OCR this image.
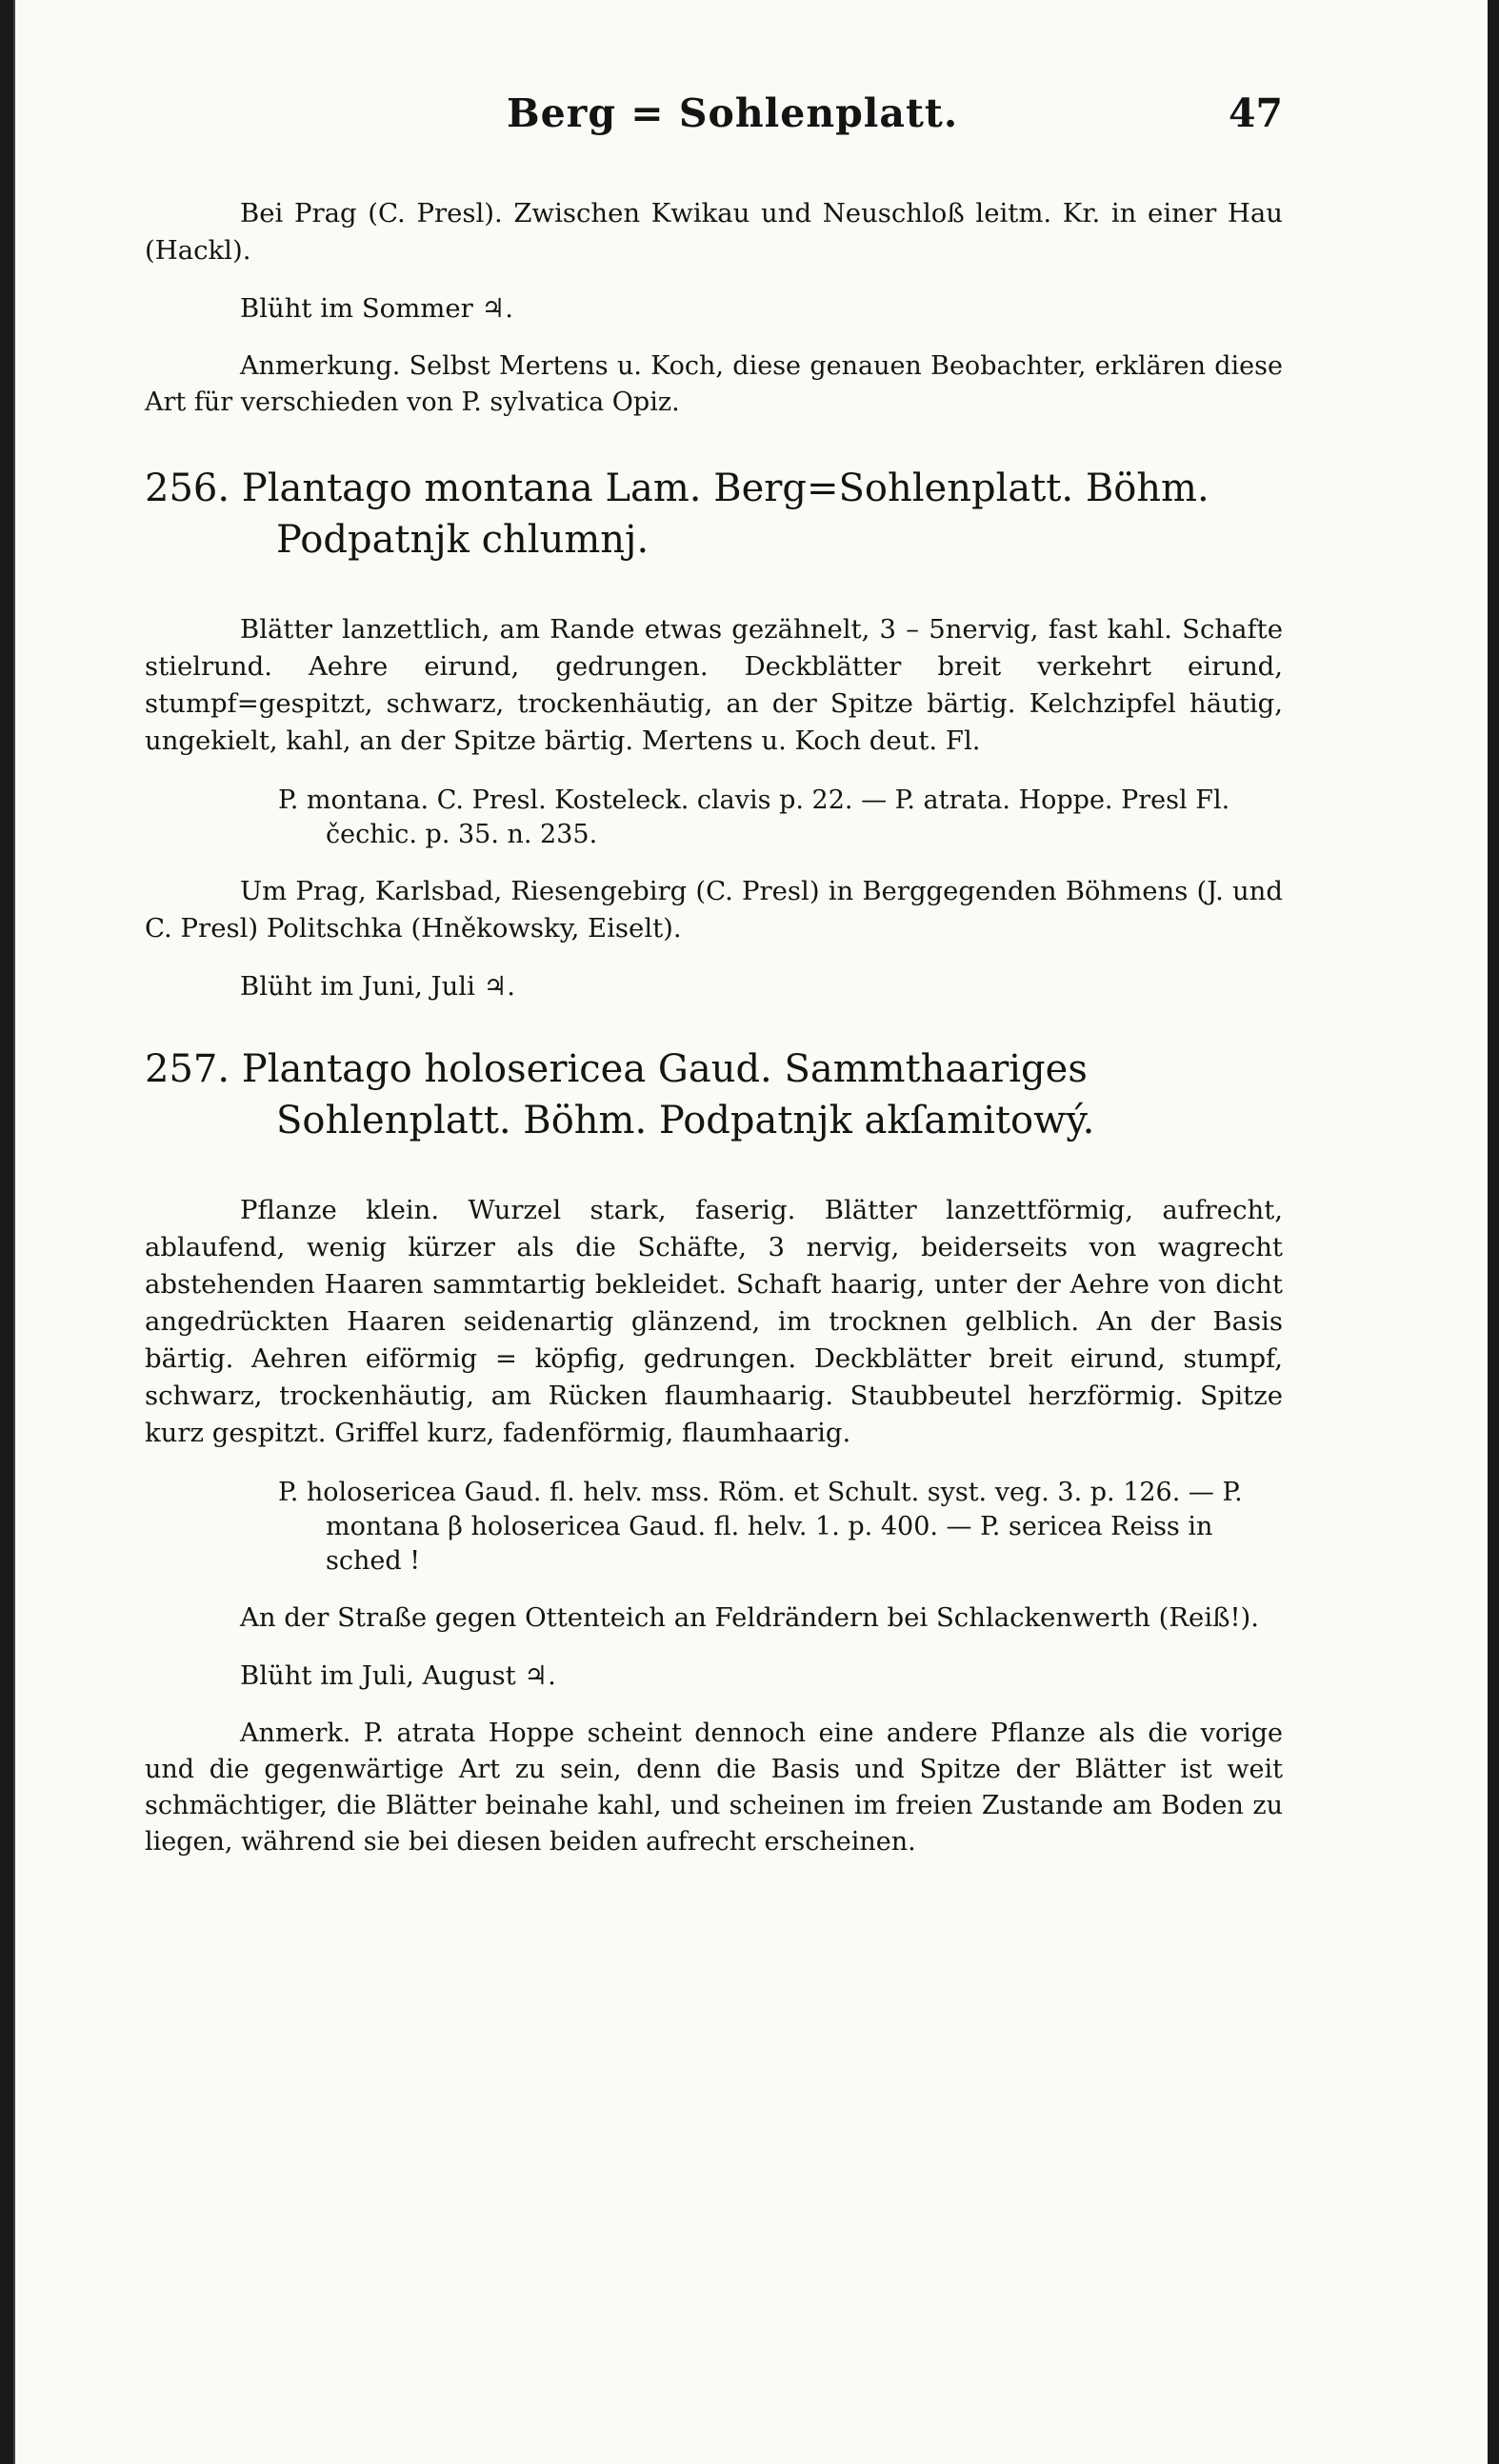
Berg = Sohlenplatt.	47

Bei Prag (C. Presl). Zwischen Kwikau und Neuschloß leitm. Kr. in einer Hau (Hackl).

Blüht im Sommer ♃.

Anmerkung. Selbst Mertens u. Koch, diese genauen Beobachter, erklären diese Art für verschieden von P. sylvatica Opiz.

256. Plantago montana Lam. Berg=Sohlenplatt. Böhm. Podpatnjk chlumnj.

Blätter lanzettlich, am Rande etwas gezähnelt, 3 – 5nervig, fast kahl. Schafte stielrund. Aehre eirund, gedrungen. Deckblätter breit verkehrt eirund, stumpf=gespitzt, schwarz, trockenhäutig, an der Spitze bärtig. Kelchzipfel häutig, ungekielt, kahl, an der Spitze bärtig. Mertens u. Koch deut. Fl.

P. montana. C. Presl. Kosteleck. clavis p. 22. — P. atrata. Hoppe. Presl Fl. čechic. p. 35. n. 235.

Um Prag, Karlsbad, Riesengebirg (C. Presl) in Berggegenden Böhmens (J. und C. Presl) Politschka (Hněkowsky, Eiselt).

Blüht im Juni, Juli ♃.

257. Plantago holosericea Gaud. Sammthaariges Sohlenplatt. Böhm. Podpatnjk akſamitowý.

Pflanze klein. Wurzel stark, faserig. Blätter lanzettförmig, aufrecht, ablaufend, wenig kürzer als die Schäfte, 3 nervig, beiderseits von wagrecht abstehenden Haaren sammtartig bekleidet. Schaft haarig, unter der Aehre von dicht angedrückten Haaren seidenartig glänzend, im trocknen gelblich. An der Basis bärtig. Aehren eiförmig = köpfig, gedrungen. Deckblätter breit eirund, stumpf, schwarz, trockenhäutig, am Rücken flaumhaarig. Staubbeutel herzförmig. Spitze kurz gespitzt. Griffel kurz, fadenförmig, flaumhaarig.

P. holosericea Gaud. fl. helv. mss. Röm. et Schult. syst. veg. 3. p. 126. — P. montana β holosericea Gaud. fl. helv. 1. p. 400. — P. sericea Reiss in sched !

An der Straße gegen Ottenteich an Feldrändern bei Schlackenwerth (Reiß!).

Blüht im Juli, August ♃.

Anmerk. P. atrata Hoppe scheint dennoch eine andere Pflanze als die vorige und die gegenwärtige Art zu sein, denn die Basis und Spitze der Blätter ist weit schmächtiger, die Blätter beinahe kahl, und scheinen im freien Zustande am Boden zu liegen, während sie bei diesen beiden aufrecht erscheinen.
